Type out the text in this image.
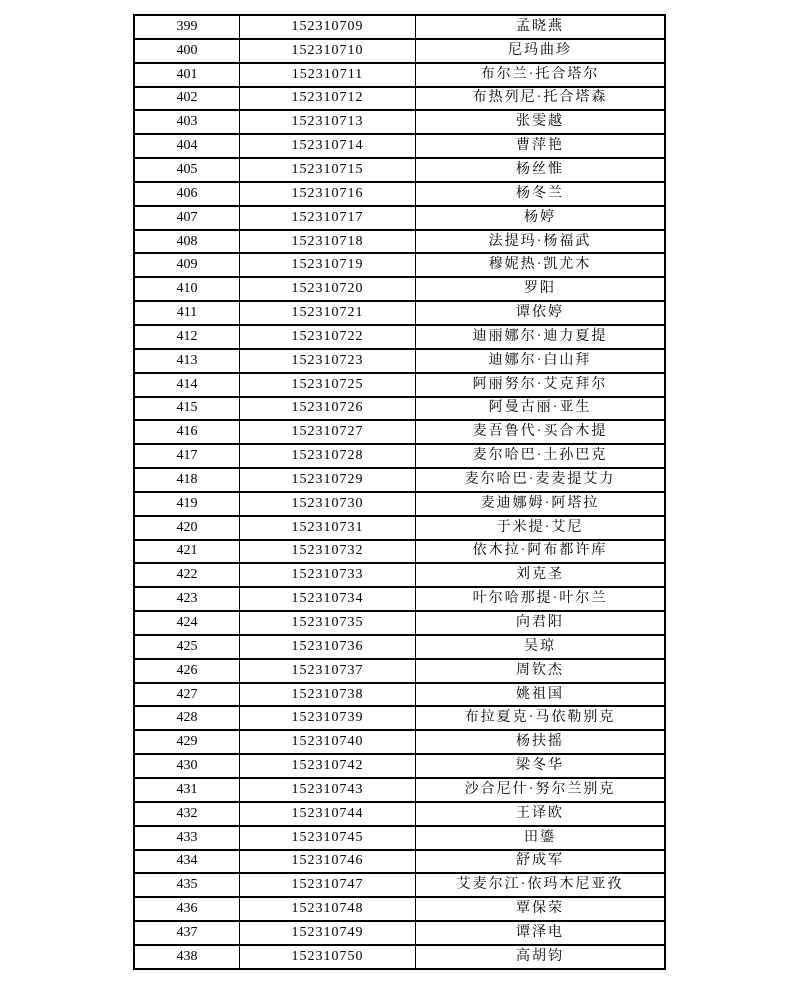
399	152310709	孟晓燕
400	152310710	尼玛曲珍
401	152310711	布尔兰·托合塔尔
402	152310712	布热列尼·托合塔森
403	152310713	张雯越
404	152310714	曹萍艳
405	152310715	杨丝惟
406	152310716	杨冬兰
407	152310717	杨婷
408	152310718	法提玛·杨福武
409	152310719	穆妮热·凯尤木
410	152310720	罗阳
411	152310721	谭依婷
412	152310722	迪丽娜尔·迪力夏提
413	152310723	迪娜尔·白山拜
414	152310725	阿丽努尔·艾克拜尔
415	152310726	阿曼古丽·亚生
416	152310727	麦吾鲁代·买合木提
417	152310728	麦尔哈巴·土孙巴克
418	152310729	麦尔哈巴·麦麦提艾力
419	152310730	麦迪娜姆·阿塔拉
420	152310731	于米提·艾尼
421	152310732	依木拉·阿布都许库
422	152310733	刘克圣
423	152310734	叶尔哈那提·叶尔兰
424	152310735	向君阳
425	152310736	吴琼
426	152310737	周钦杰
427	152310738	姚祖国
428	152310739	布拉夏克·马依勒别克
429	152310740	杨扶摇
430	152310742	梁冬华
431	152310743	沙合尼什·努尔兰别克
432	152310744	王译欧
433	152310745	田鎏
434	152310746	舒成军
435	152310747	艾麦尔江·依玛木尼亚孜
436	152310748	覃保荣
437	152310749	谭泽电
438	152310750	高胡钧
